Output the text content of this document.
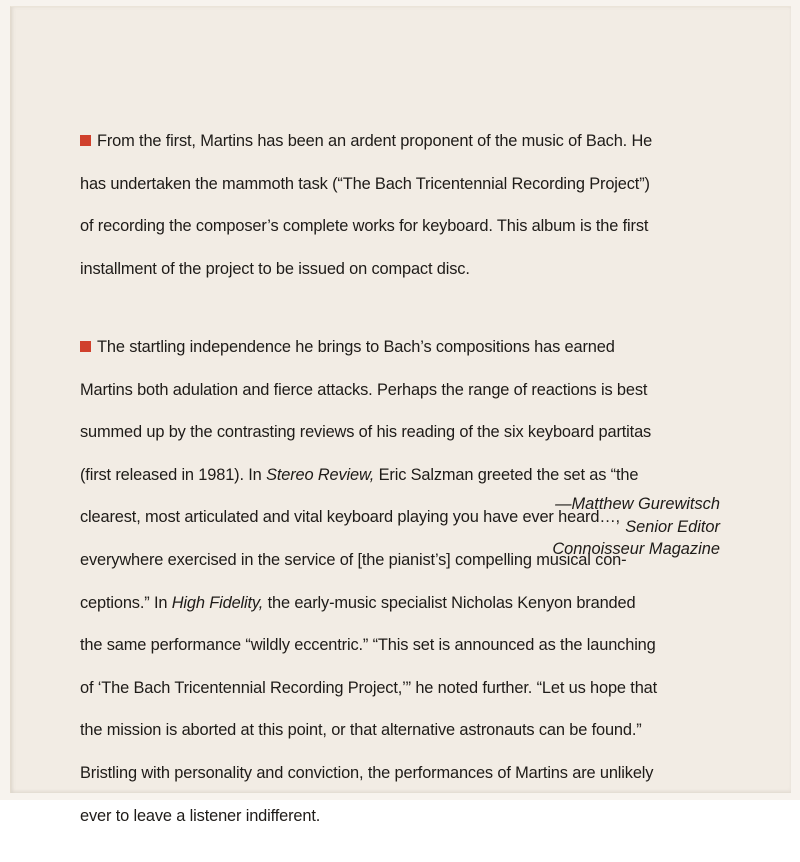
From the first, Martins has been an ardent proponent of the music of Bach. He

has undertaken the mammoth task (“The Bach Tricentennial Recording Project”)

of recording the composer’s complete works for keyboard. This album is the first

installment of the project to be issued on compact disc.

The startling independence he brings to Bach’s compositions has earned

Martins both adulation and fierce attacks. Perhaps the range of reactions is best

summed up by the contrasting reviews of his reading of the six keyboard partitas

(first released in 1981). In Stereo Review, Eric Salzman greeted the set as “the

clearest, most articulated and vital keyboard playing you have ever heard…,

everywhere exercised in the service of [the pianist’s] compelling musical con-

ceptions.” In High Fidelity, the early-music specialist Nicholas Kenyon branded

the same performance “wildly eccentric.” “This set is announced as the launching

of ‘The Bach Tricentennial Recording Project,’” he noted further. “Let us hope that

the mission is aborted at this point, or that alternative astronauts can be found.”

Bristling with personality and conviction, the performances of Martins are unlikely

ever to leave a listener indifferent.

—Matthew Gurewitsch
Senior Editor
Connoisseur Magazine
